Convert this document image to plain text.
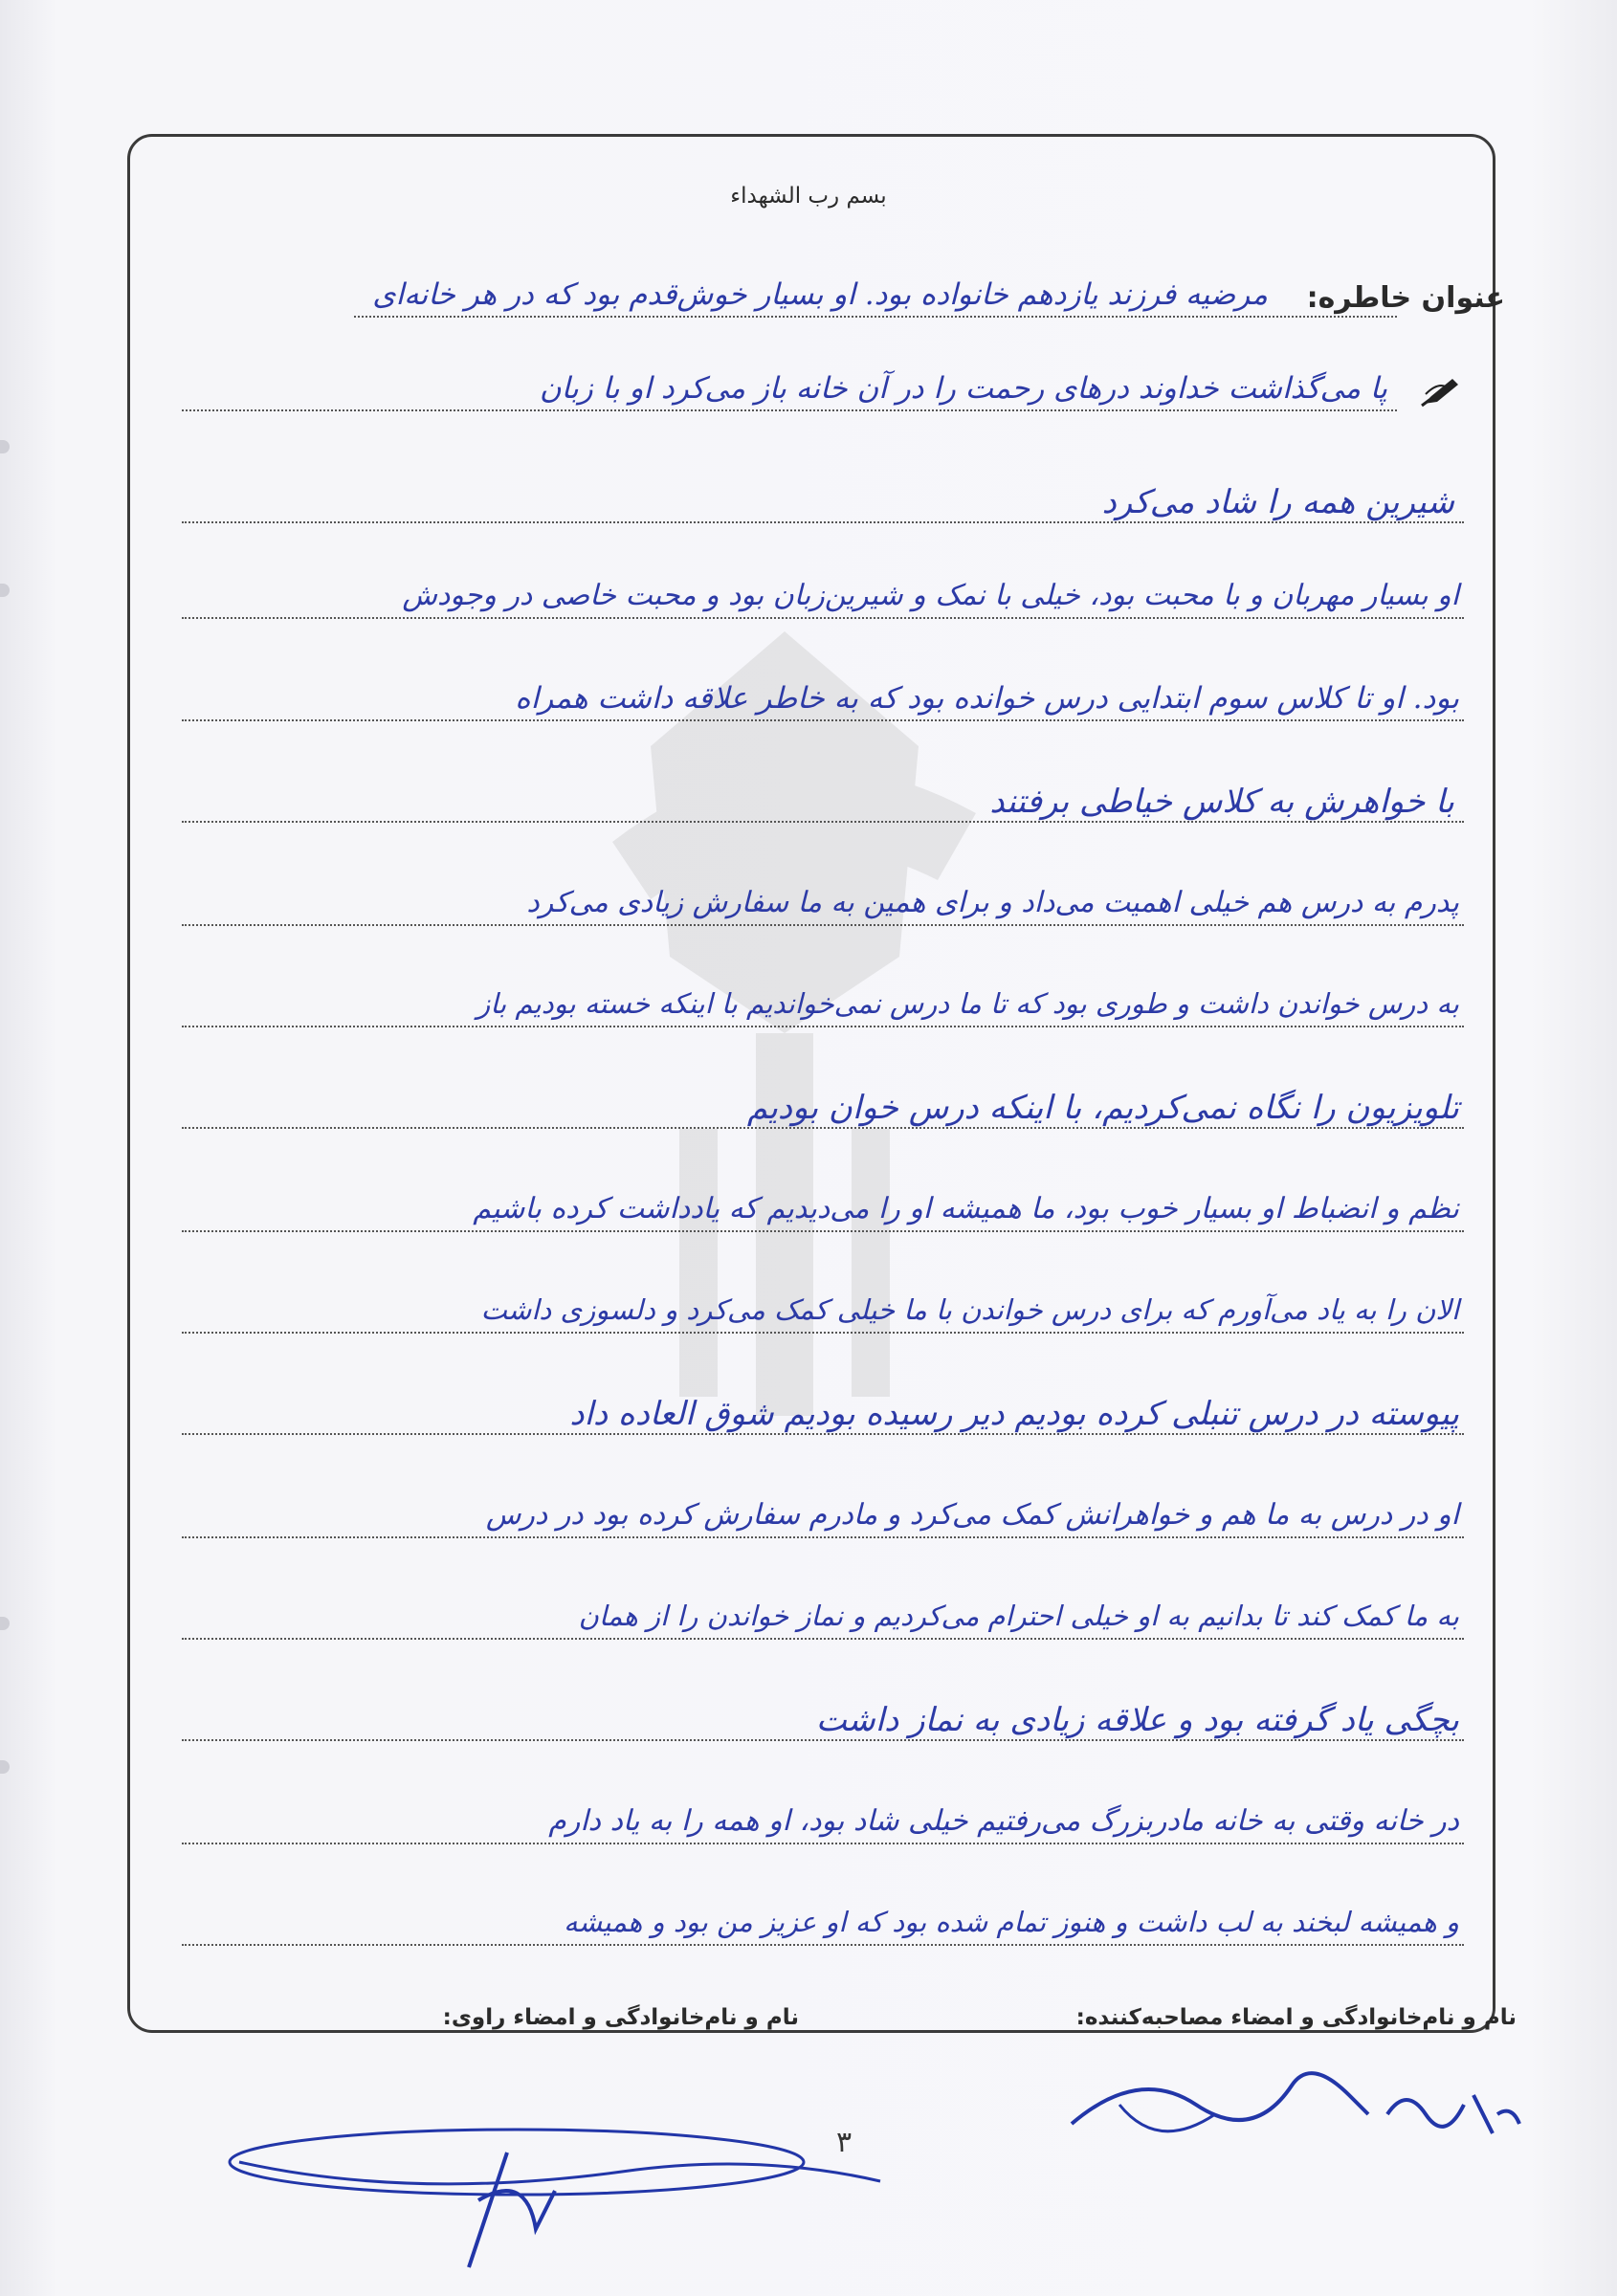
بسم رب الشهداء
عنوان خاطره:
مرضیه فرزند یازدهم خانواده بود. او بسیار خوش‌قدم بود که در هر خانه‌ای
پا می‌گذاشت خداوند درهای رحمت را در آن خانه باز می‌کرد او با زبان
شیرین همه را شاد می‌کرد
او بسیار مهربان و با محبت بود، خیلی با نمک و شیرین‌زبان بود و محبت خاصی در وجودش
بود. او تا کلاس سوم ابتدایی درس خوانده بود که به خاطر علاقه داشت همراه
با خواهرش به کلاس خیاطی برفتند
پدرم به درس هم خیلی اهمیت می‌داد و برای همین به ما سفارش زیادی می‌کرد
به درس خواندن داشت و طوری بود که تا ما درس نمی‌خواندیم با اینکه خسته بودیم باز
تلویزیون را نگاه نمی‌کردیم، با اینکه درس خوان بودیم
نظم و انضباط او بسیار خوب بود، ما همیشه او را می‌دیدیم که یادداشت کرده باشیم
الان را به یاد می‌آورم که برای درس خواندن با ما خیلی کمک می‌کرد و دلسوزی داشت
پیوسته در درس تنبلی کرده بودیم دیر رسیده بودیم شوق العاده داد
او در درس به ما هم و خواهرانش کمک می‌کرد و مادرم سفارش کرده بود در درس
به ما کمک کند تا بدانیم به او خیلی احترام می‌کردیم و نماز خواندن را از همان
بچگی یاد گرفته بود و علاقه زیادی به نماز داشت
در خانه وقتی به خانه مادربزرگ می‌رفتیم خیلی شاد بود، او همه را به یاد دارم
و همیشه لبخند به لب داشت و هنوز تمام شده بود که او عزیز من بود و همیشه
نام و نام‌خانوادگی و امضاء مصاحبه‌کننده:
نام و نام‌خانوادگی و امضاء راوی:
۳
